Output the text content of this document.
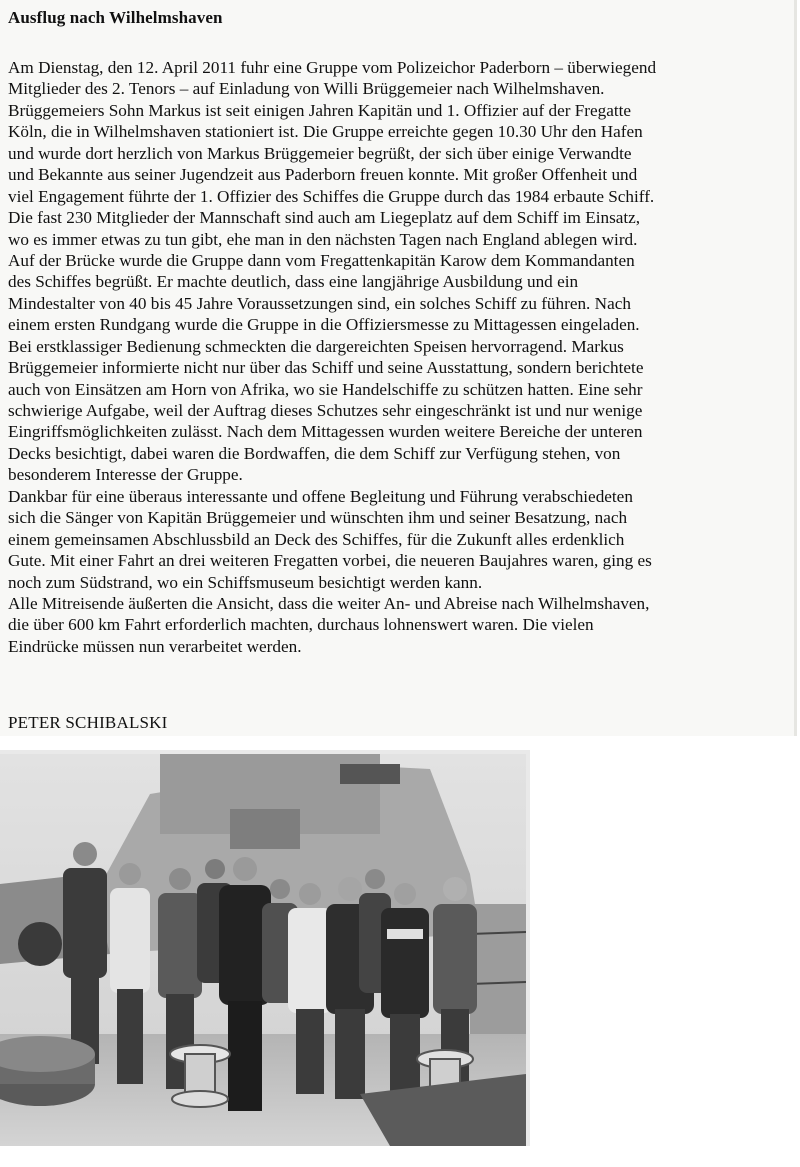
Ausflug nach Wilhelmshaven
Am Dienstag, den 12. April 2011 fuhr eine Gruppe vom Polizeichor Paderborn – überwiegend
Mitglieder des 2. Tenors – auf Einladung von Willi Brüggemeier nach Wilhelmshaven.
Brüggemeiers Sohn Markus ist seit einigen Jahren Kapitän und 1. Offizier auf der Fregatte
Köln, die in Wilhelmshaven stationiert ist. Die Gruppe erreichte gegen 10.30 Uhr den Hafen
und wurde dort herzlich von Markus Brüggemeier begrüßt, der sich über einige Verwandte
und Bekannte aus seiner Jugendzeit aus Paderborn freuen konnte. Mit großer Offenheit und
viel Engagement führte der 1. Offizier des Schiffes die Gruppe durch das 1984 erbaute Schiff.
Die fast 230 Mitglieder der Mannschaft sind auch am Liegeplatz auf dem Schiff im Einsatz,
wo es immer etwas zu tun gibt, ehe man in den nächsten Tagen nach England ablegen wird.
Auf der Brücke wurde die Gruppe dann vom Fregattenkapitän Karow dem Kommandanten
des Schiffes begrüßt. Er machte deutlich, dass eine langjährige Ausbildung und ein
Mindestalter von 40 bis 45 Jahre Voraussetzungen sind, ein solches Schiff zu führen. Nach
einem ersten Rundgang wurde die Gruppe in die Offiziersmesse zu Mittagessen eingeladen.
Bei erstklassiger Bedienung schmeckten die dargereichten Speisen hervorragend. Markus
Brüggemeier informierte nicht nur über das Schiff und seine Ausstattung, sondern berichtete
auch von Einsätzen am Horn von Afrika, wo sie Handelschiffe zu schützen hatten. Eine sehr
schwierige Aufgabe, weil der Auftrag dieses Schutzes sehr eingeschränkt ist und nur wenige
Eingriffsmöglichkeiten zulässt. Nach dem Mittagessen wurden weitere Bereiche der unteren
Decks besichtigt, dabei waren die Bordwaffen, die dem Schiff zur Verfügung stehen, von
besonderem Interesse der Gruppe.
Dankbar für eine überaus interessante und offene Begleitung und Führung verabschiedeten
sich die Sänger von Kapitän Brüggemeier und wünschten ihm und seiner Besatzung, nach
einem gemeinsamen Abschlussbild an Deck des Schiffes, für die Zukunft alles erdenklich
Gute. Mit einer Fahrt an drei weiteren Fregatten vorbei, die neueren Baujahres waren, ging es
noch zum Südstrand, wo ein Schiffsmuseum besichtigt werden kann.
Alle Mitreisende äußerten die Ansicht, dass die weiter An- und Abreise nach Wilhelmshaven,
die über 600 km Fahrt erforderlich machten, durchaus lohnenswert waren. Die vielen
Eindrücke müssen nun verarbeitet werden.
PETER SCHIBALSKI
